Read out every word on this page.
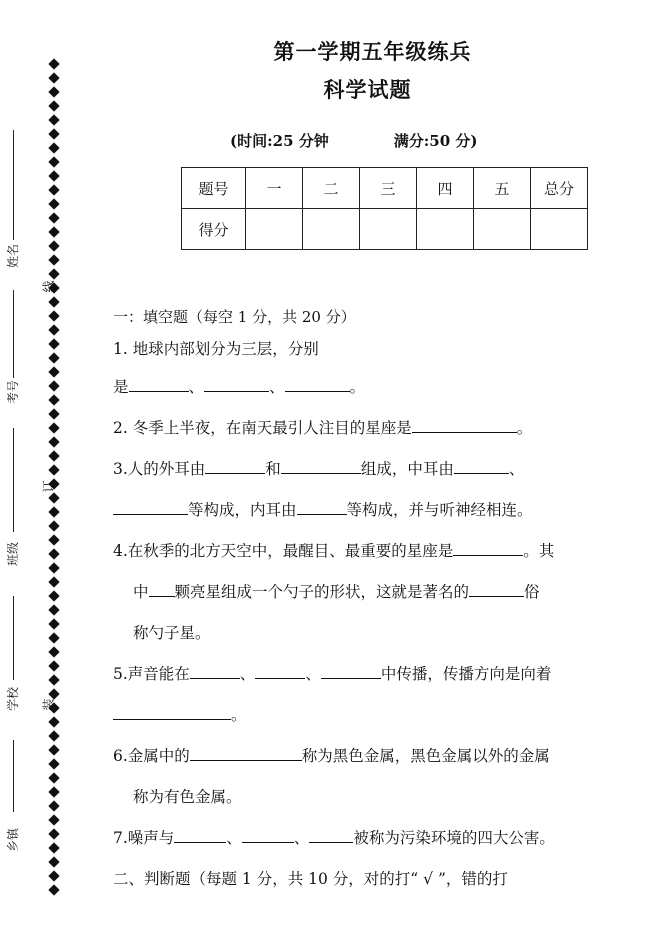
姓名
考号
班级
学校
乡镇
线
订
装
第一学期五年级练兵
科学试题
(时间:25 分钟	满分:50 分)
题号	一	二	三	四	五	总分
得分						
一：填空题（每空 1 分，共 20 分）
1. 地球内部划分为三层，分别
是	、	、	。
2. 冬季上半夜，在南天最引人注目的星座是	。
3.人的外耳由	和	组成，中耳由	、
等构成，内耳由	等构成，并与听神经相连。
4.在秋季的北方天空中，最醒目、最重要的星座是	。其
中 颗亮星组成一个勺子的形状，这就是著名的	俗
称勺子星。
5.声音能在	、	、	中传播，传播方向是向着
。
6.金属中的	称为黑色金属，黑色金属以外的金属
称为有色金属。
7.噪声与	、	、	被称为污染环境的四大公害。
二、判断题（每题 1 分，共 10 分，对的打“ √ ”，错的打
